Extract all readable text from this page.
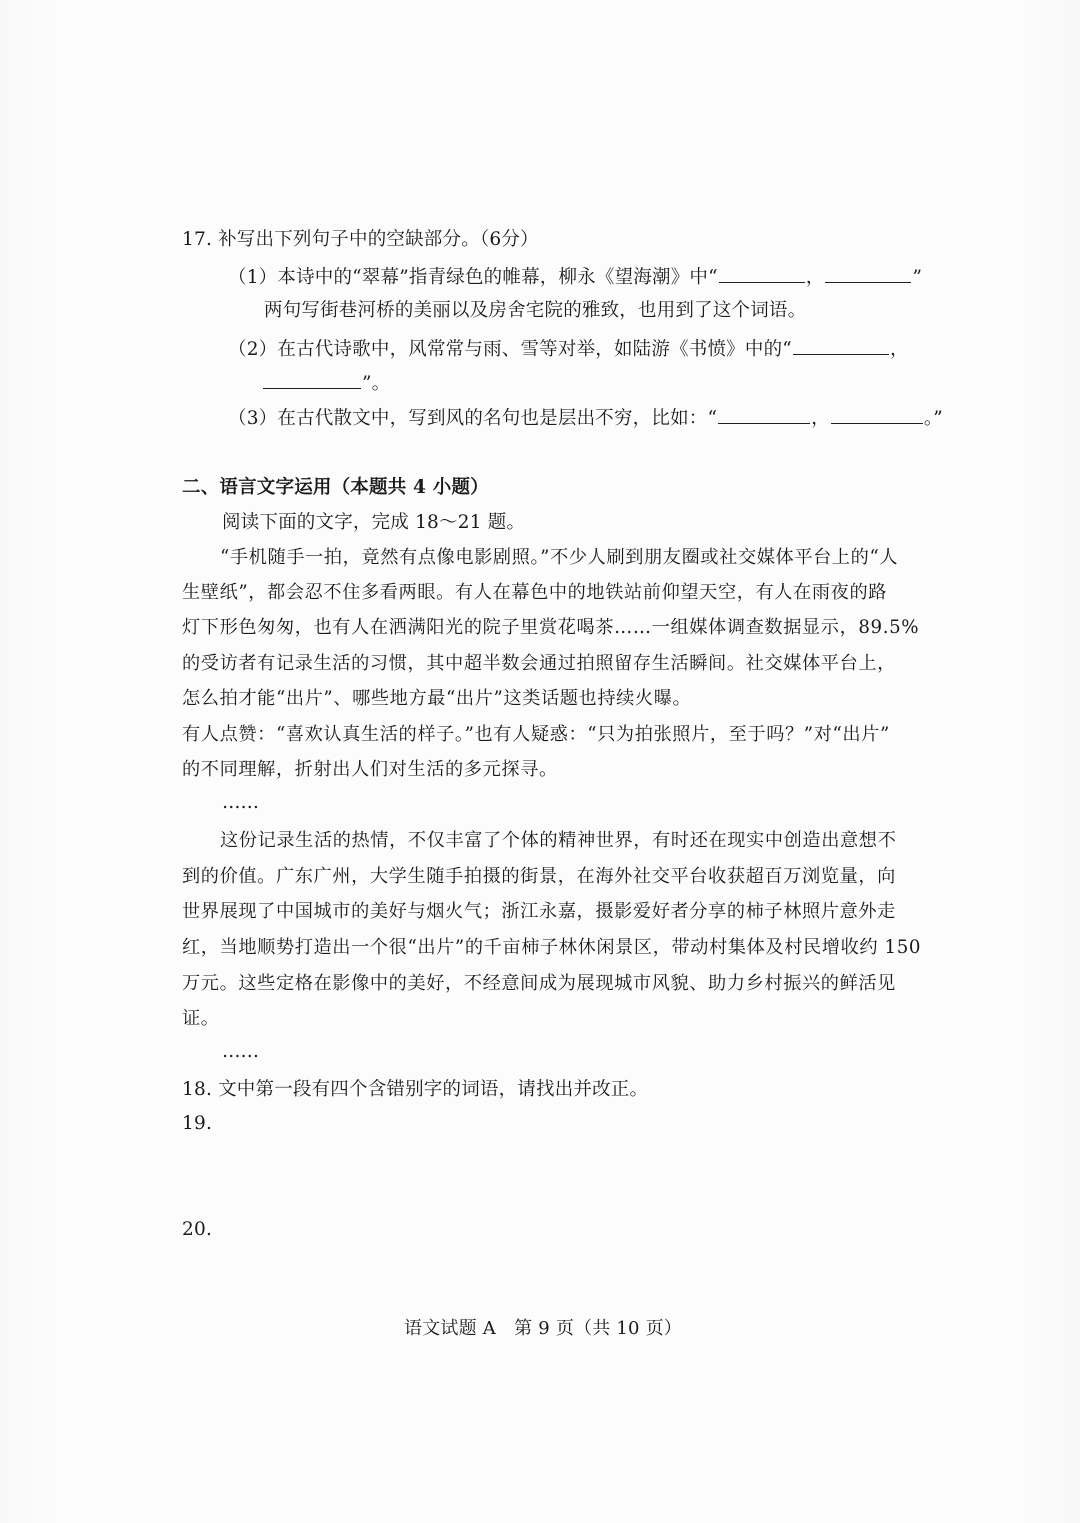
17. 补写出下列句子中的空缺部分。（6分）
（1）本诗中的“翠幕”指青绿色的帷幕，柳永《望海潮》中“	，	”
两句写街巷河桥的美丽以及房舍宅院的雅致，也用到了这个词语。
（2）在古代诗歌中，风常常与雨、雪等对举，如陆游《书愤》中的“	，
”。
（3）在古代散文中，写到风的名句也是层出不穷，比如：“	，	。”
二、语言文字运用（本题共 4 小题）
阅读下面的文字，完成 18～21 题。
“手机随手一拍，竟然有点像电影剧照。”不少人刷到朋友圈或社交媒体平台上的“人
生壁纸”，都会忍不住多看两眼。有人在幕色中的地铁站前仰望天空，有人在雨夜的路
灯下形色匆匆，也有人在洒满阳光的院子里赏花喝茶……一组媒体调查数据显示，89.5%
的受访者有记录生活的习惯，其中超半数会通过拍照留存生活瞬间。社交媒体平台上，
怎么拍才能“出片”、哪些地方最“出片”这类话题也持续火曝。
有人点赞：“喜欢认真生活的样子。”也有人疑惑：“只为拍张照片，至于吗？”对“出片”
的不同理解，折射出人们对生活的多元探寻。
……
这份记录生活的热情，不仅丰富了个体的精神世界，有时还在现实中创造出意想不
到的价值。广东广州，大学生随手拍摄的街景，在海外社交平台收获超百万浏览量，向
世界展现了中国城市的美好与烟火气；浙江永嘉，摄影爱好者分享的柿子林照片意外走
红，当地顺势打造出一个很“出片”的千亩柿子林休闲景区，带动村集体及村民增收约 150
万元。这些定格在影像中的美好，不经意间成为展现城市风貌、助力乡村振兴的鲜活见
证。
……
18. 文中第一段有四个含错别字的词语，请找出并改正。
19.
20.
语文试题 A　第 9 页（共 10 页）
